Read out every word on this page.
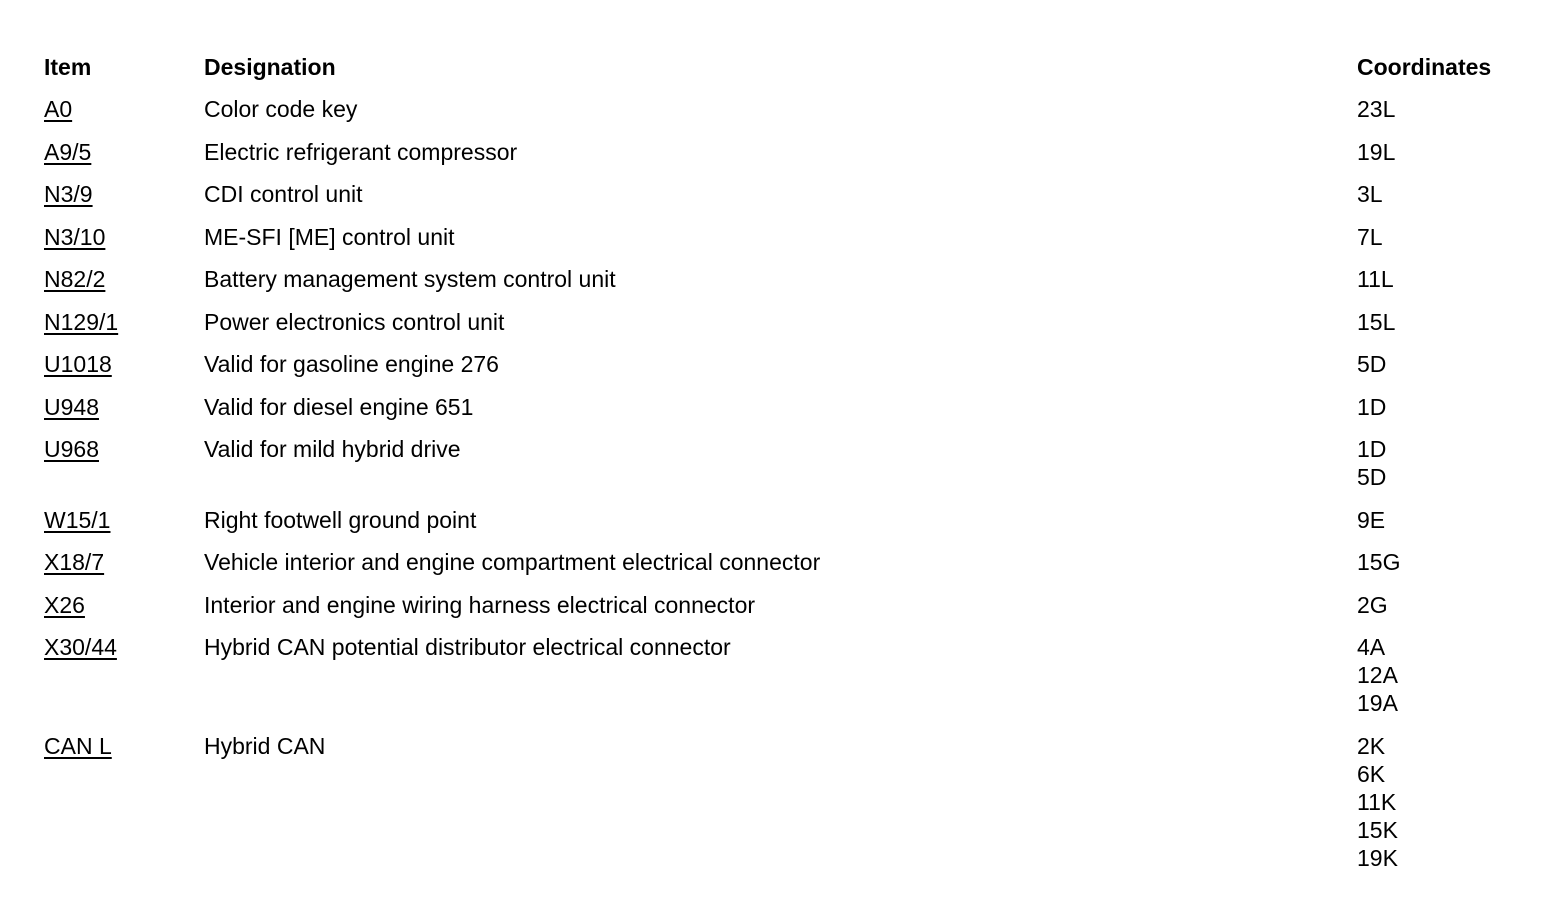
Item	Designation	Coordinates
A0	Color code key	23L
A9/5	Electric refrigerant compressor	19L
N3/9	CDI control unit	3L
N3/10	ME-SFI [ME] control unit	7L
N82/2	Battery management system control unit	11L
N129/1	Power electronics control unit	15L
U1018	Valid for gasoline engine 276	5D
U948	Valid for diesel engine 651	1D
U968	Valid for mild hybrid drive	1D
5D
W15/1	Right footwell ground point	9E
X18/7	Vehicle interior and engine compartment electrical connector	15G
X26	Interior and engine wiring harness electrical connector	2G
X30/44	Hybrid CAN potential distributor electrical connector	4A
12A
19A
CAN L	Hybrid CAN	2K
6K
11K
15K
19K
